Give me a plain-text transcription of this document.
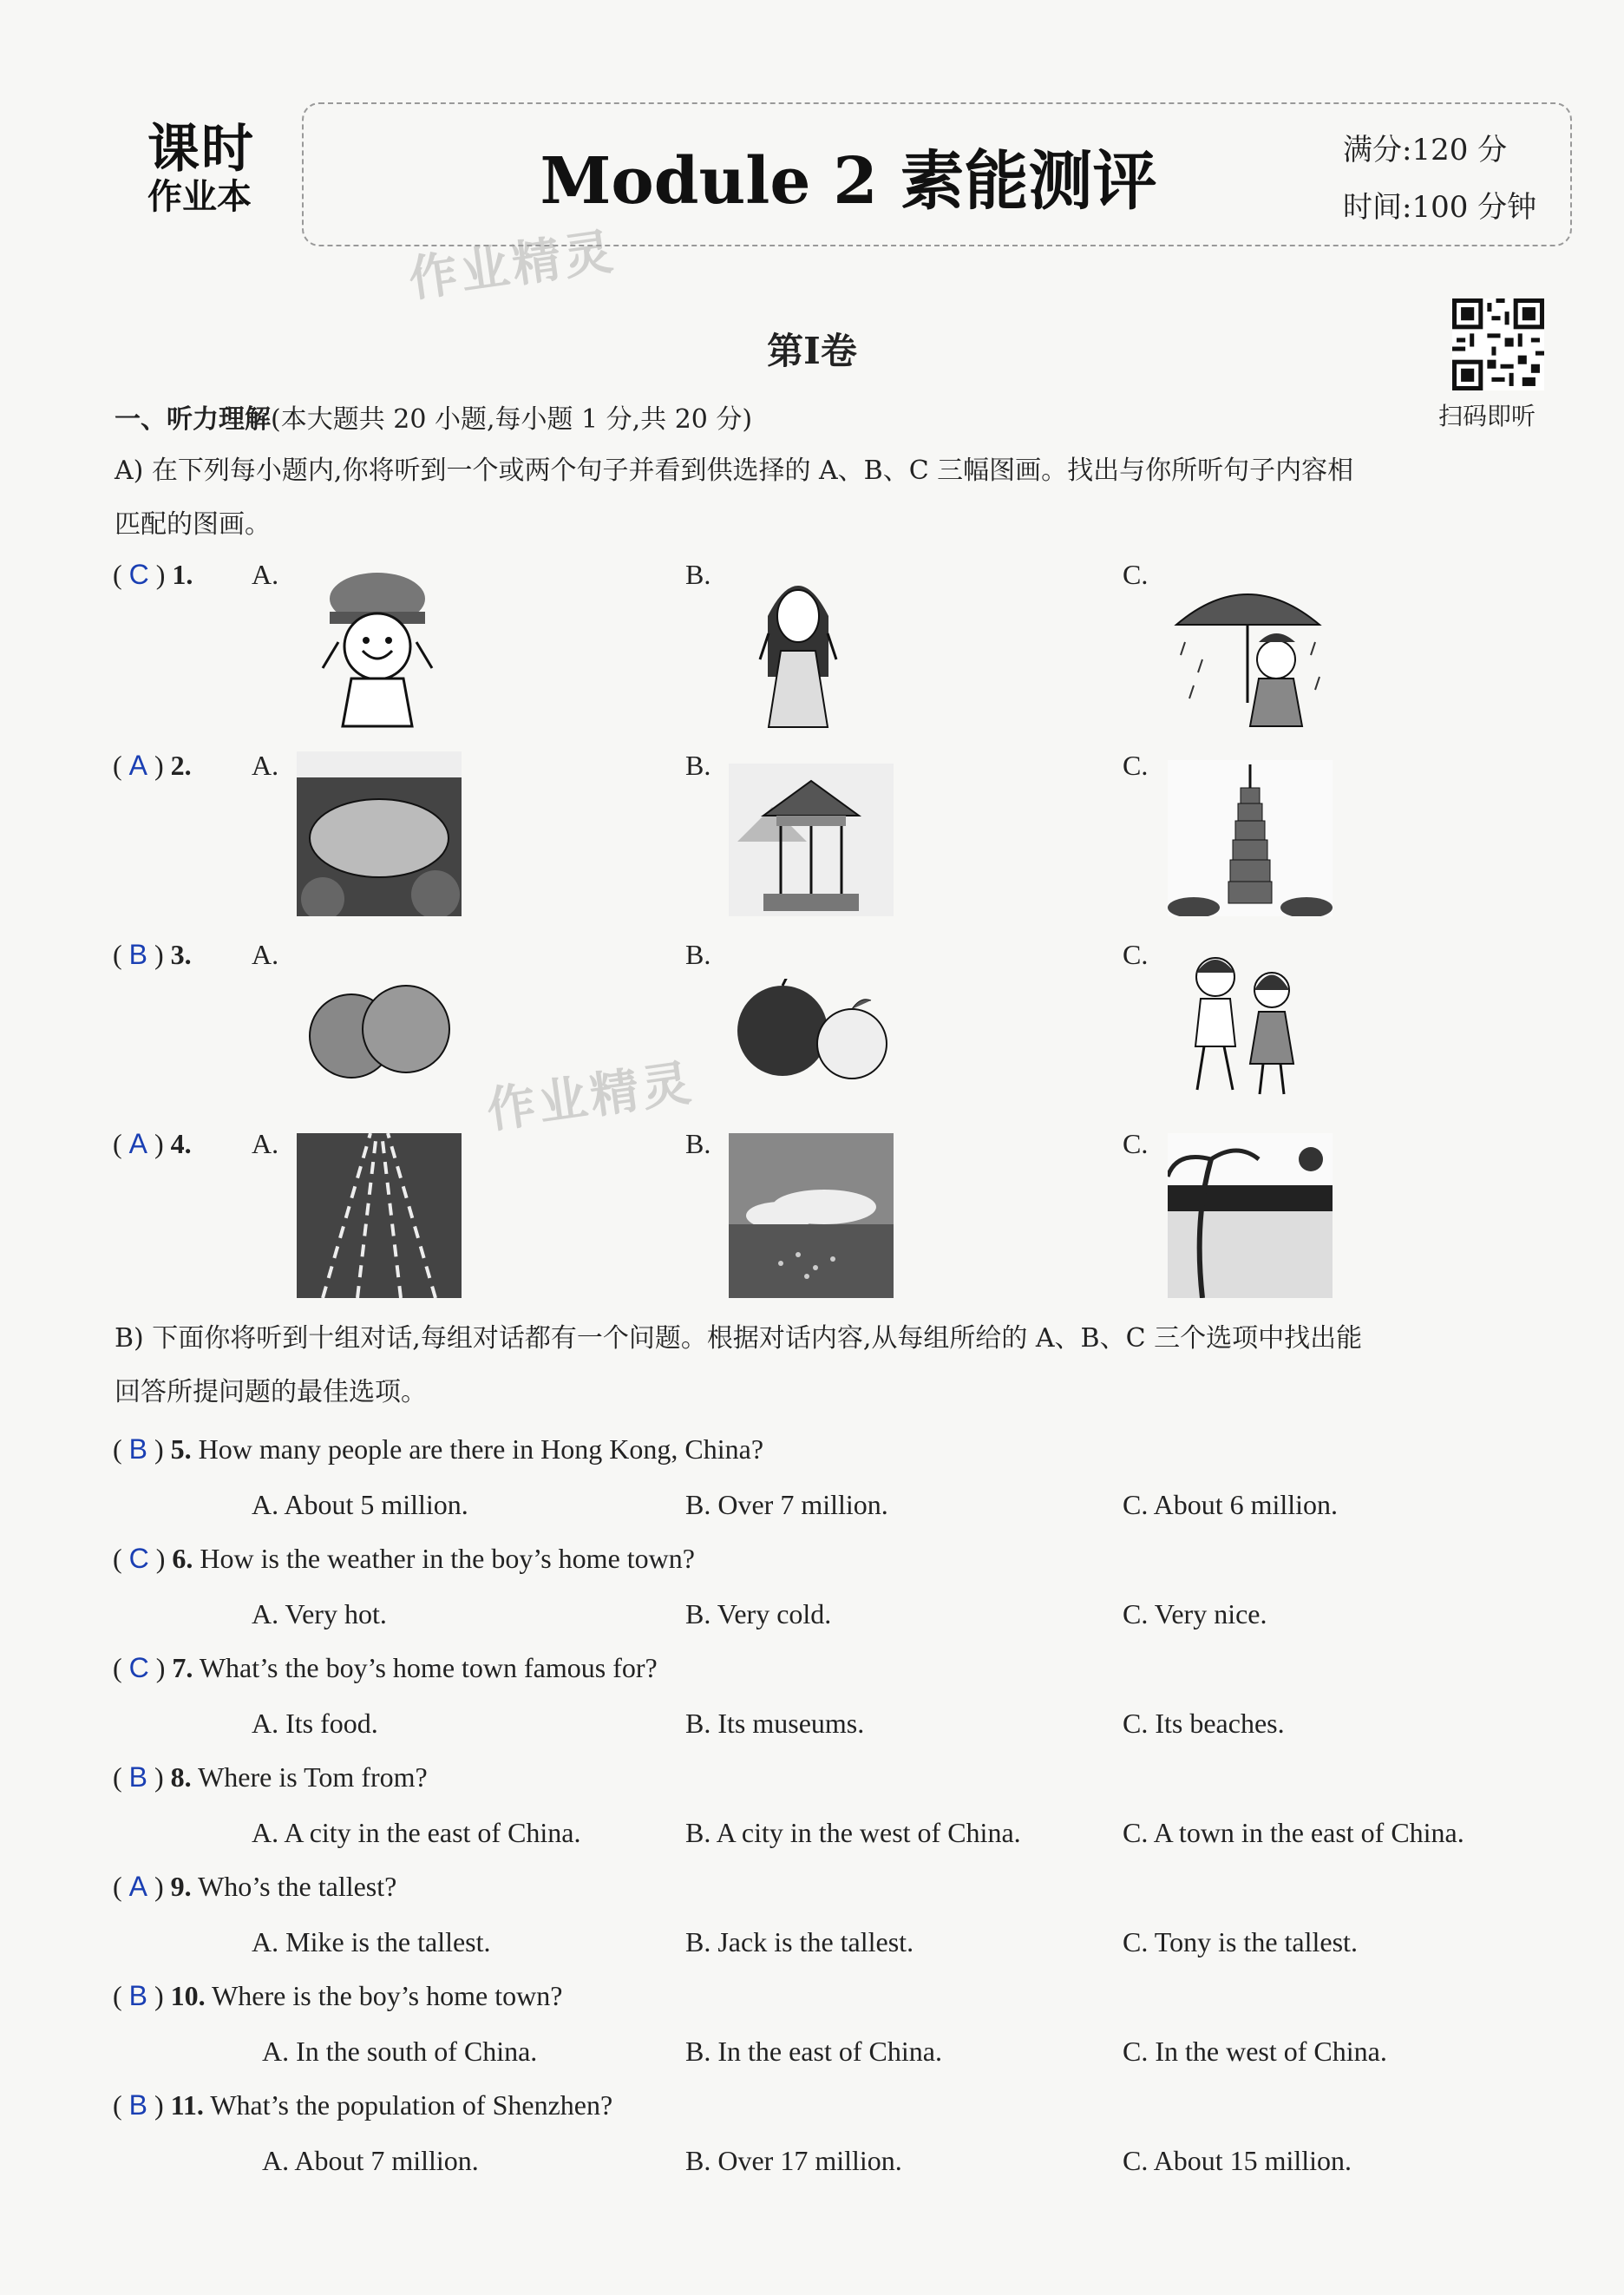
课时
作业本	Module 2 素能测评	满分:120 分
时间:100 分钟
作业精灵
作业精灵
扫码即听
第Ⅰ卷
一、听力理解(本大题共 20 小题,每小题 1 分,共 20 分)
A) 在下列每小题内,你将听到一个或两个句子并看到供选择的 A、B、C 三幅图画。找出与你所听句子内容相
匹配的图画。
( C ) 1. A.	B.	C.
( A ) 2. A.	B.	C.
( B ) 3. A.	B.	C.
( A ) 4. A.	B.	C.
B) 下面你将听到十组对话,每组对话都有一个问题。根据对话内容,从每组所给的 A、B、C 三个选项中找出能
回答所提问题的最佳选项。
( B ) 5. How many people are there in Hong Kong, China?
A. About 5 million.	B. Over 7 million.	C. About 6 million.
( C ) 6. How is the weather in the boy’s home town?
A. Very hot.	B. Very cold.	C. Very nice.
( C ) 7. What’s the boy’s home town famous for?
A. Its food.	B. Its museums.	C. Its beaches.
( B ) 8. Where is Tom from?
A. A city in the east of China.	B. A city in the west of China.	C. A town in the east of China.
( A ) 9. Who’s the tallest?
A. Mike is the tallest.	B. Jack is the tallest.	C. Tony is the tallest.
( B ) 10. Where is the boy’s home town?
A. In the south of China.	B. In the east of China.	C. In the west of China.
( B ) 11. What’s the population of Shenzhen?
A. About 7 million.	B. Over 17 million.	C. About 15 million.
